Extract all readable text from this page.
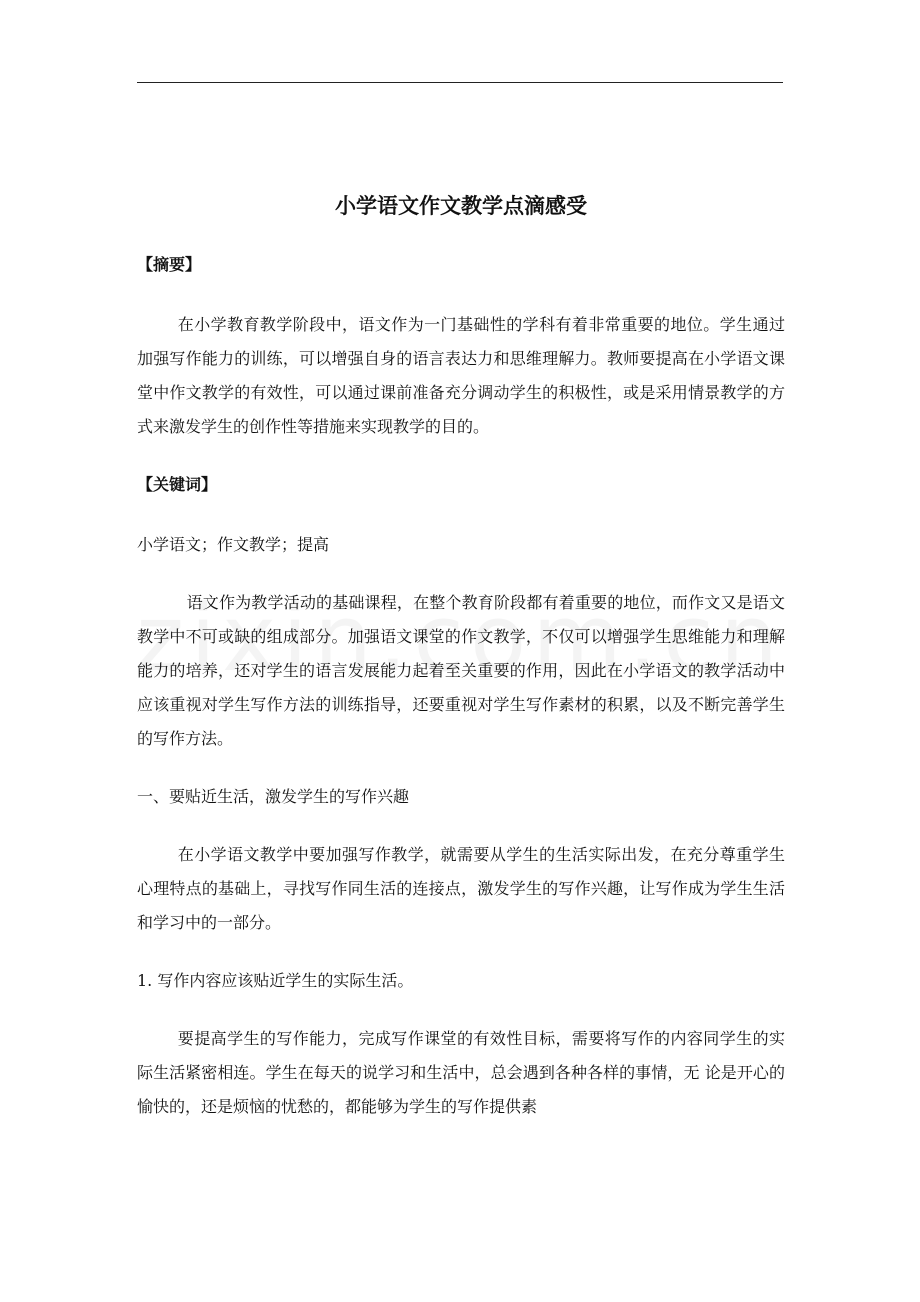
小学语文作文教学点滴感受
【摘要】

在小学教育教学阶段中，语文作为一门基础性的学科有着非常重要的地位。学生通过加强写作能力的训练，可以增强自身的语言表达力和思维理解力。教师要提高在小学语文课堂中作文教学的有效性，可以通过课前准备充分调动学生的积极性，或是采用情景教学的方式来激发学生的创作性等措施来实现教学的目的。

【关键词】

小学语文；作文教学；提高

语文作为教学活动的基础课程，在整个教育阶段都有着重要的地位，而作文又是语文教学中不可或缺的组成部分。加强语文课堂的作文教学，不仅可以增强学生思维能力和理解能力的培养，还对学生的语言发展能力起着至关重要的作用，因此在小学语文的教学活动中应该重视对学生写作方法的训练指导，还要重视对学生写作素材的积累，以及不断完善学生的写作方法。

一、要贴近生活，激发学生的写作兴趣

在小学语文教学中要加强写作教学，就需要从学生的生活实际出发，在充分尊重学生心理特点的基础上，寻找写作同生活的连接点，激发学生的写作兴趣，让写作成为学生生活和学习中的一部分。

1. 写作内容应该贴近学生的实际生活。

要提高学生的写作能力，完成写作课堂的有效性目标，需要将写作的内容同学生的实际生活紧密相连。学生在每天的说学习和生活中，总会遇到各种各样的事情，无 论是开心的愉快的，还是烦恼的忧愁的，都能够为学生的写作提供素
